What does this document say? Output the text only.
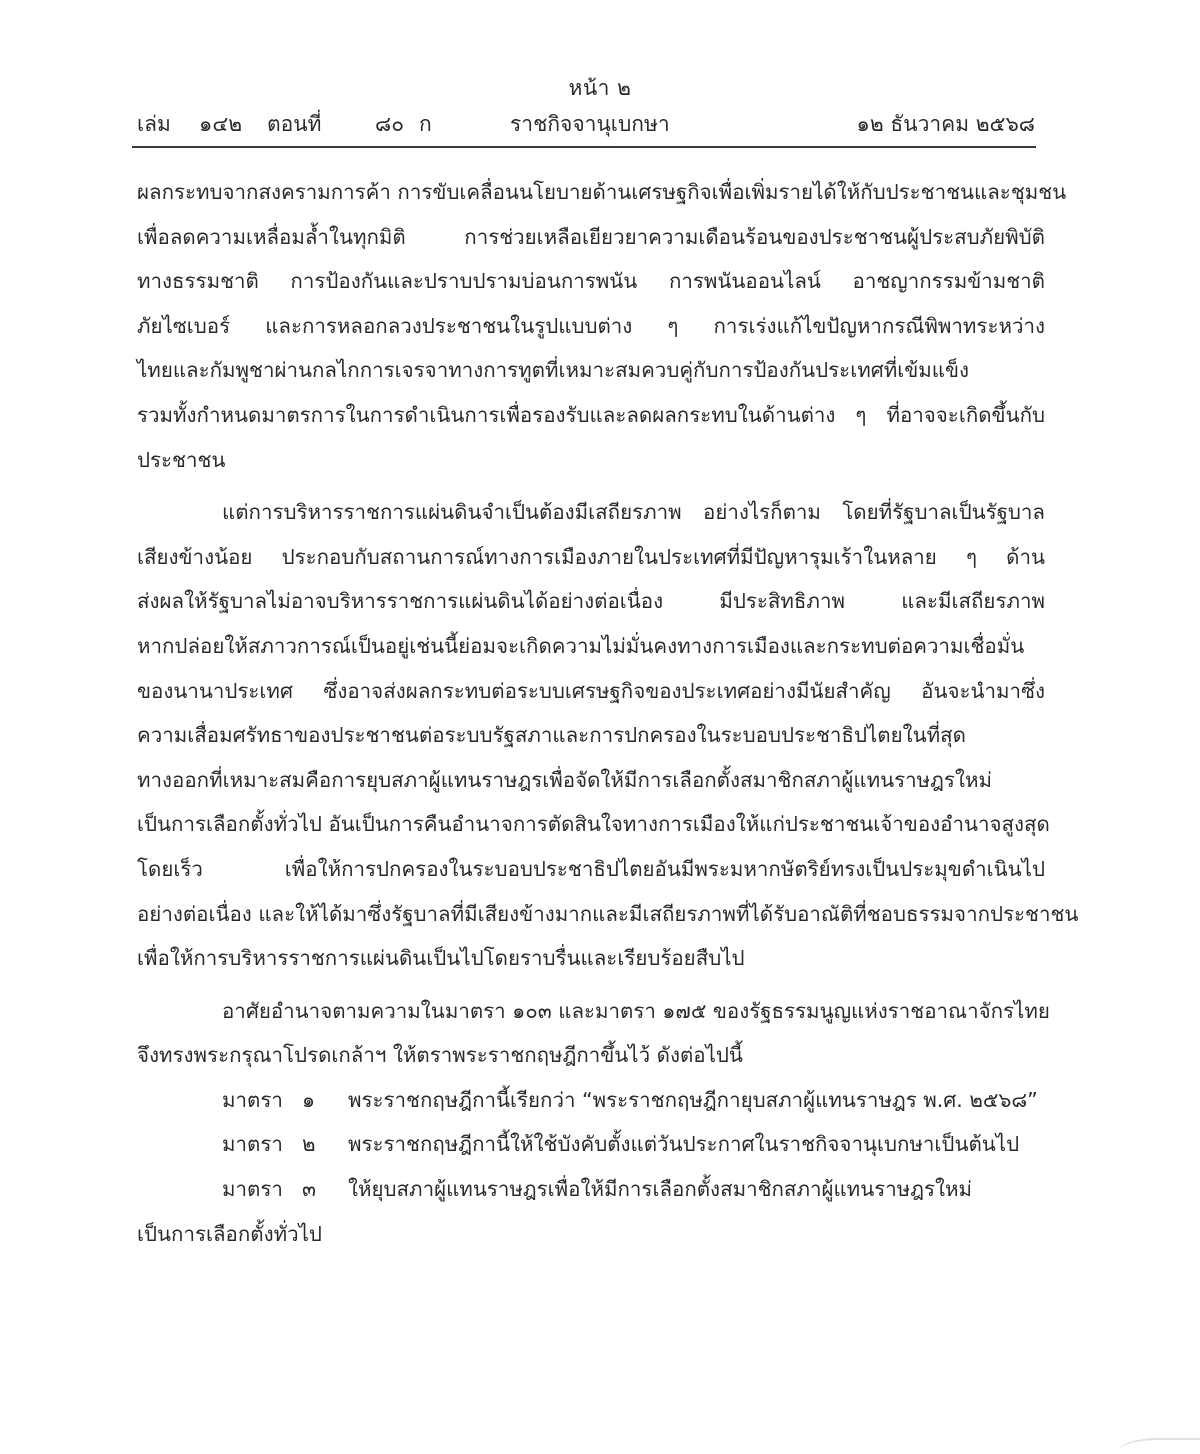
หน้า ๒
เล่ม ๑๔๒ ตอนที่	๘๐ ก	ราชกิจจานุเบกษา	๑๒ ธันวาคม ๒๕๖๘
ผลกระทบจากสงครามการค้า การขับเคลื่อนนโยบายด้านเศรษฐกิจเพื่อเพิ่มรายได้ให้กับประชาชนและชุมชน
เพื่อลดความเหลื่อมล้ำในทุกมิติ การช่วยเหลือเยียวยาความเดือนร้อนของประชาชนผู้ประสบภัยพิบัติ
ทางธรรมชาติ การป้องกันและปราบปรามบ่อนการพนัน การพนันออนไลน์ อาชญากรรมข้ามชาติ
ภัยไซเบอร์ และการหลอกลวงประชาชนในรูปแบบต่าง ๆ การเร่งแก้ไขปัญหากรณีพิพาทระหว่าง
ไทยและกัมพูชาผ่านกลไกการเจรจาทางการทูตที่เหมาะสมควบคู่กับการป้องกันประเทศที่เข้มแข็ง
รวมทั้งกำหนดมาตรการในการดำเนินการเพื่อรองรับและลดผลกระทบในด้านต่าง ๆ ที่อาจจะเกิดขึ้นกับ
ประชาชน
แต่การบริหารราชการแผ่นดินจำเป็นต้องมีเสถียรภาพ อย่างไรก็ตาม โดยที่รัฐบาลเป็นรัฐบาล
เสียงข้างน้อย ประกอบกับสถานการณ์ทางการเมืองภายในประเทศที่มีปัญหารุมเร้าในหลาย ๆ ด้าน
ส่งผลให้รัฐบาลไม่อาจบริหารราชการแผ่นดินได้อย่างต่อเนื่อง มีประสิทธิภาพ และมีเสถียรภาพ
หากปล่อยให้สภาวการณ์เป็นอยู่เช่นนี้ย่อมจะเกิดความไม่มั่นคงทางการเมืองและกระทบต่อความเชื่อมั่น
ของนานาประเทศ ซึ่งอาจส่งผลกระทบต่อระบบเศรษฐกิจของประเทศอย่างมีนัยสำคัญ อันจะนำมาซึ่ง
ความเสื่อมศรัทธาของประชาชนต่อระบบรัฐสภาและการปกครองในระบอบประชาธิปไตยในที่สุด
ทางออกที่เหมาะสมคือการยุบสภาผู้แทนราษฎรเพื่อจัดให้มีการเลือกตั้งสมาชิกสภาผู้แทนราษฎรใหม่
เป็นการเลือกตั้งทั่วไป อันเป็นการคืนอำนาจการตัดสินใจทางการเมืองให้แก่ประชาชนเจ้าของอำนาจสูงสุด
โดยเร็ว เพื่อให้การปกครองในระบอบประชาธิปไตยอันมีพระมหากษัตริย์ทรงเป็นประมุขดำเนินไป
อย่างต่อเนื่อง และให้ได้มาซึ่งรัฐบาลที่มีเสียงข้างมากและมีเสถียรภาพที่ได้รับอาณัติที่ชอบธรรมจากประชาชน
เพื่อให้การบริหารราชการแผ่นดินเป็นไปโดยราบรื่นและเรียบร้อยสืบไป
อาศัยอำนาจตามความในมาตรา ๑๐๓ และมาตรา ๑๗๕ ของรัฐธรรมนูญแห่งราชอาณาจักรไทย
จึงทรงพระกรุณาโปรดเกล้าฯ ให้ตราพระราชกฤษฎีกาขึ้นไว้ ดังต่อไปนี้
มาตรา ๑ พระราชกฤษฎีกานี้เรียกว่า “พระราชกฤษฎีกายุบสภาผู้แทนราษฎร พ.ศ. ๒๕๖๘”
มาตรา ๒ พระราชกฤษฎีกานี้ให้ใช้บังคับตั้งแต่วันประกาศในราชกิจจานุเบกษาเป็นต้นไป
มาตรา ๓ ให้ยุบสภาผู้แทนราษฎรเพื่อให้มีการเลือกตั้งสมาชิกสภาผู้แทนราษฎรใหม่
เป็นการเลือกตั้งทั่วไป
